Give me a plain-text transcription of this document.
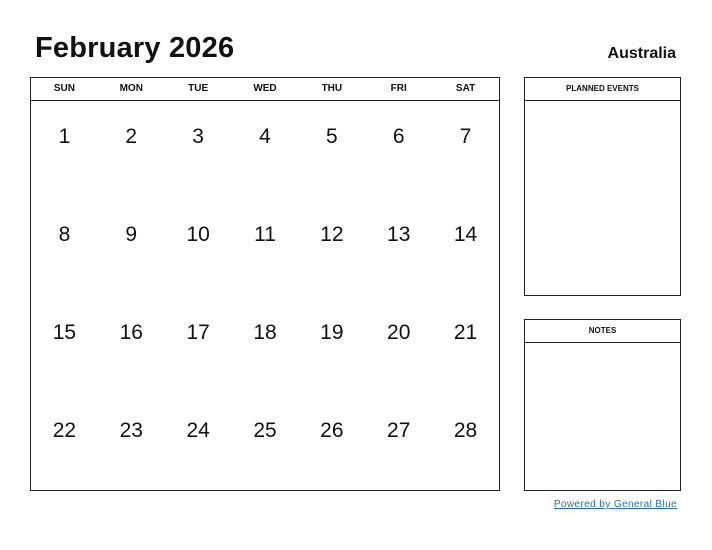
February 2026	Australia
SUN	MON	TUE	WED	THU	FRI	SAT
1	2	3	4	5	6	7
8	9	10	11	12	13	14
15	16	17	18	19	20	21
22	23	24	25	26	27	28
PLANNED EVENTS
NOTES
Powered by General Blue
